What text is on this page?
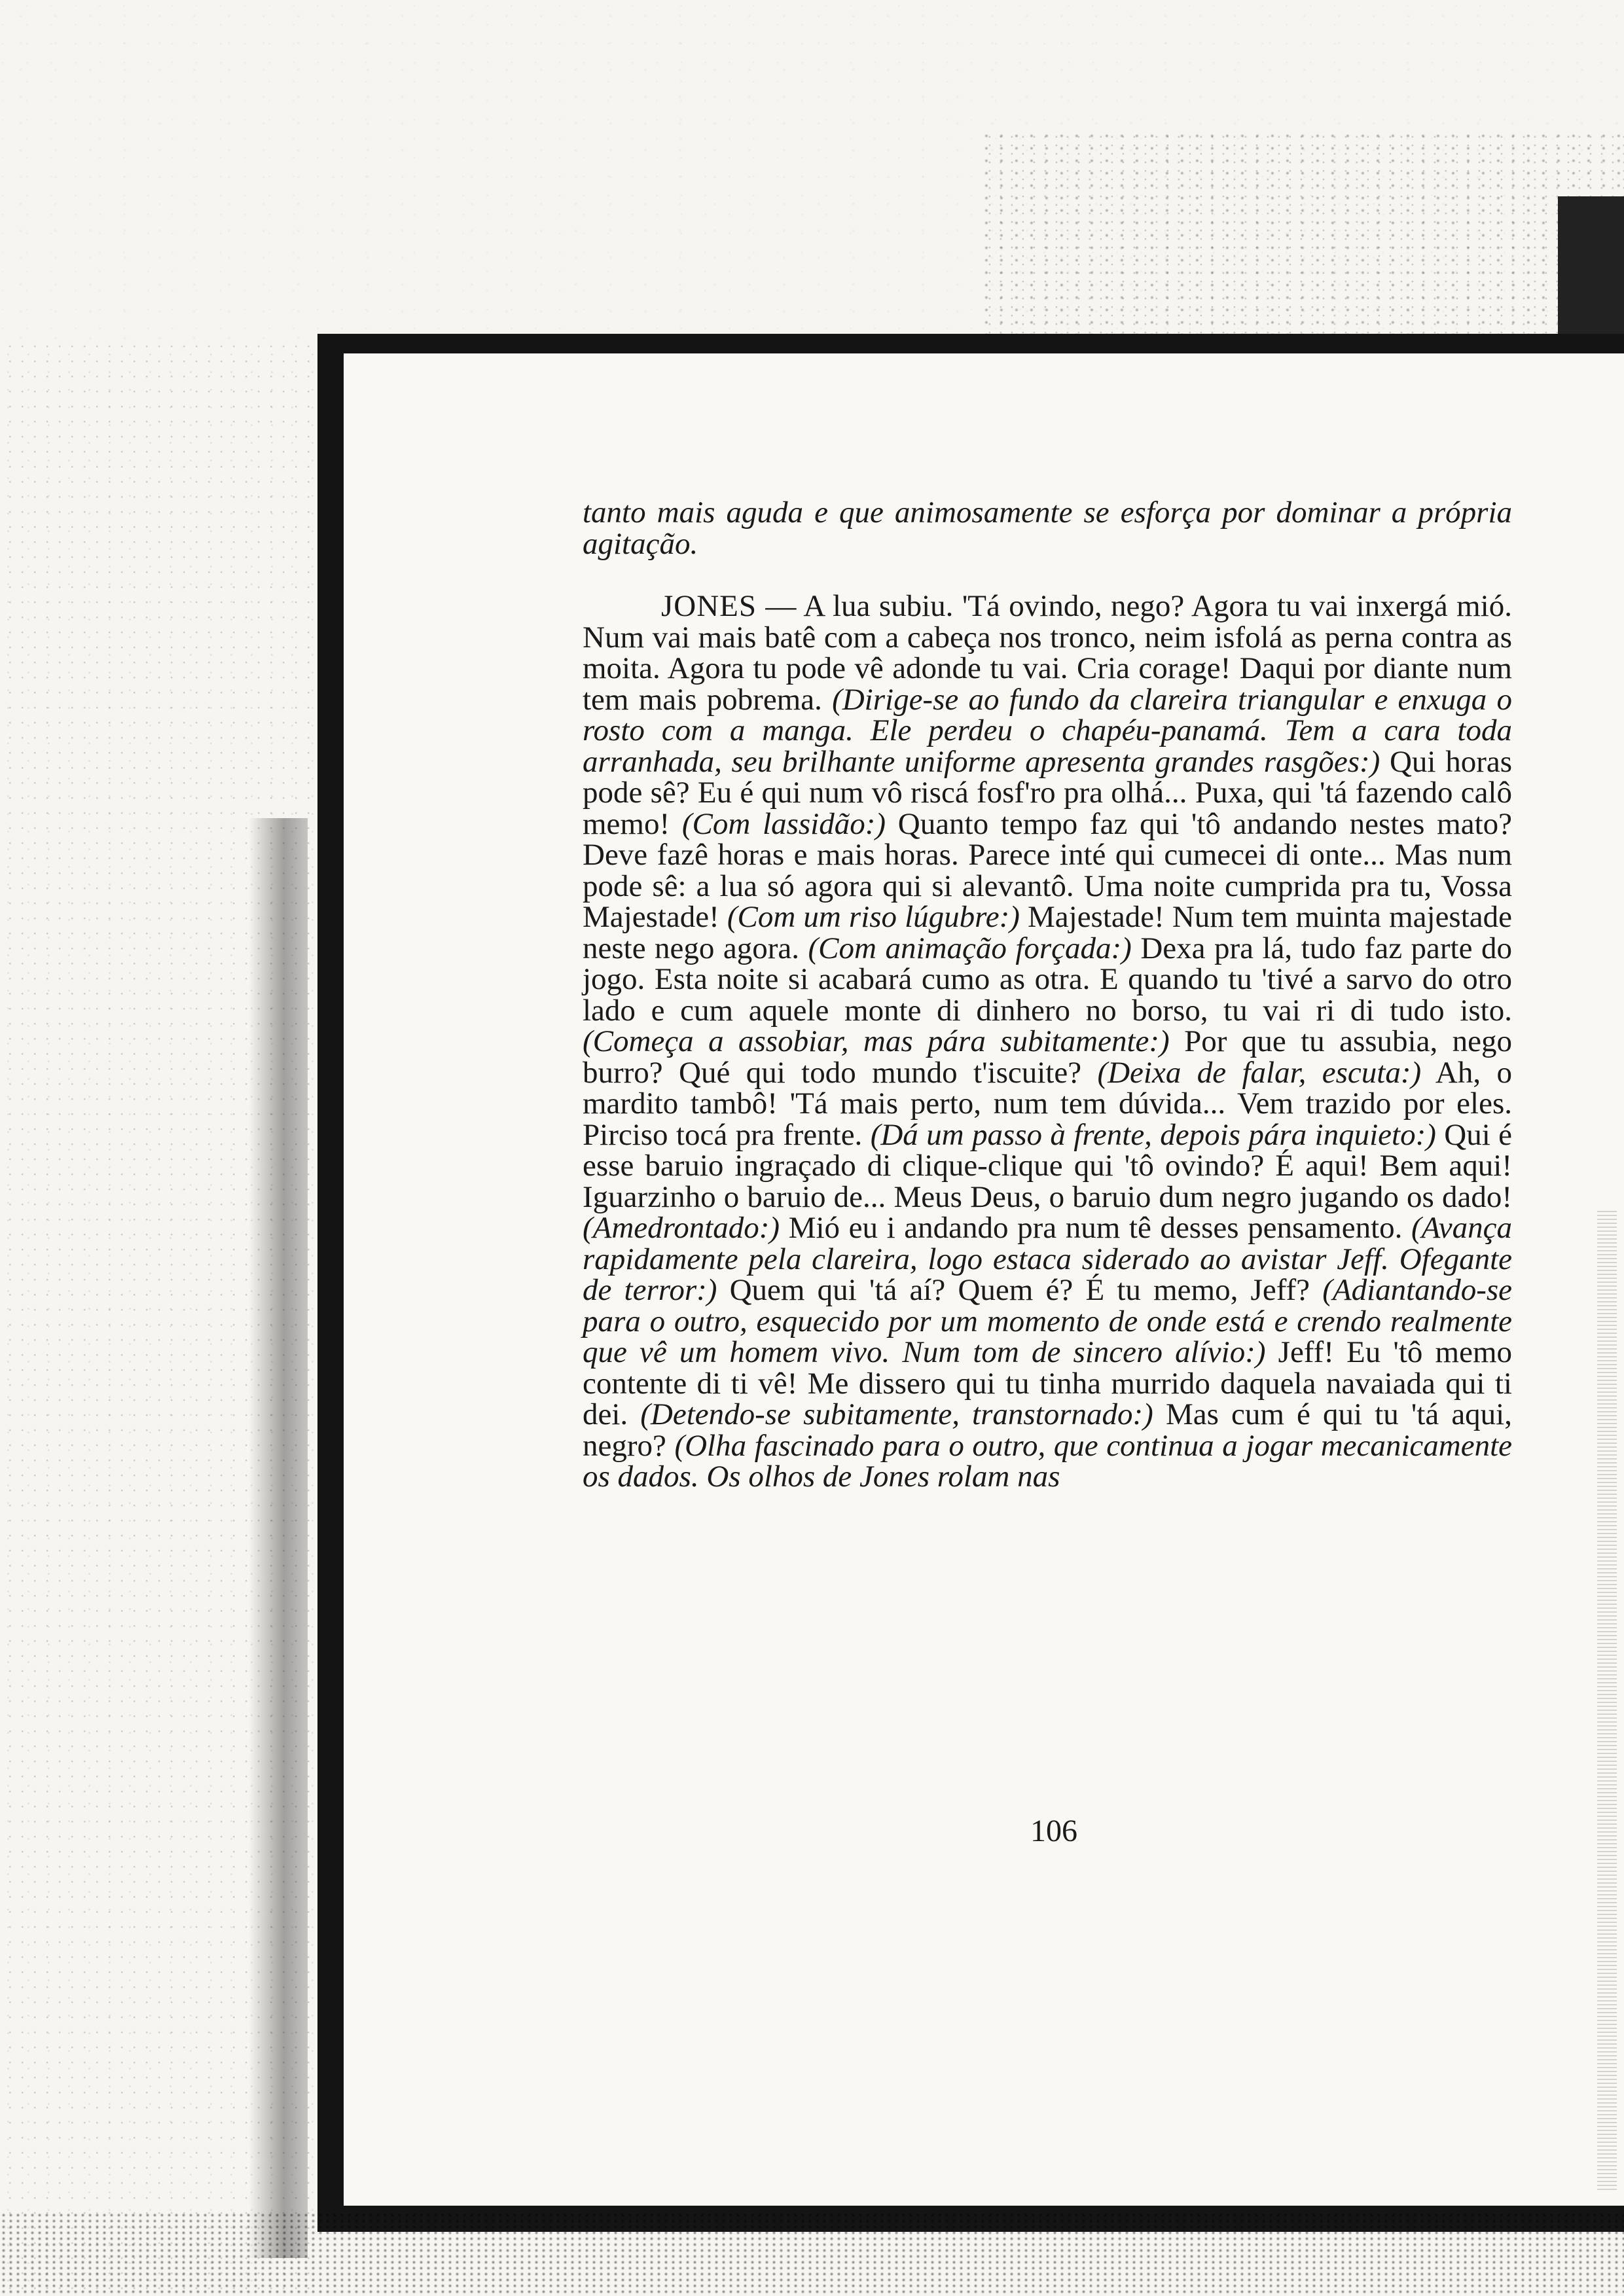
tanto mais aguda e que animosamente se esforça por dominar a própria agitação.

JONES — A lua subiu. 'Tá ovindo, nego? Agora tu vai inxergá mió. Num vai mais batê com a cabeça nos tronco, neim isfolá as perna contra as moita. Agora tu pode vê adonde tu vai. Cria corage! Daqui por diante num tem mais pobrema. (Dirige-se ao fundo da clareira triangular e enxuga o rosto com a manga. Ele perdeu o chapéu-panamá. Tem a cara toda arranhada, seu brilhante uniforme apresenta grandes rasgões:) Qui horas pode sê? Eu é qui num vô riscá fosf'ro pra olhá... Puxa, qui 'tá fazendo calô memo! (Com lassidão:) Quanto tempo faz qui 'tô andando nestes mato? Deve fazê horas e mais horas. Parece inté qui cumecei di onte... Mas num pode sê: a lua só agora qui si alevantô. Uma noite cumprida pra tu, Vossa Majestade! (Com um riso lúgubre:) Majestade! Num tem muinta majestade neste nego agora. (Com animação forçada:) Dexa pra lá, tudo faz parte do jogo. Esta noite si acabará cumo as otra. E quando tu 'tivé a sarvo do otro lado e cum aquele monte di dinhero no borso, tu vai ri di tudo isto. (Começa a assobiar, mas pára subitamente:) Por que tu assubia, nego burro? Qué qui todo mundo t'iscuite? (Deixa de falar, escuta:) Ah, o mardito tambô! 'Tá mais perto, num tem dúvida... Vem trazido por eles. Pirciso tocá pra frente. (Dá um passo à frente, depois pára inquieto:) Qui é esse baruio ingraçado di clique-clique qui 'tô ovindo? É aqui! Bem aqui! Iguarzinho o baruio de... Meus Deus, o baruio dum negro jugando os dado! (Amedrontado:) Mió eu i andando pra num tê desses pensamento. (Avança rapidamente pela clareira, logo estaca siderado ao avistar Jeff. Ofegante de terror:) Quem qui 'tá aí? Quem é? É tu memo, Jeff? (Adiantando-se para o outro, esquecido por um momento de onde está e crendo realmente que vê um homem vivo. Num tom de sincero alívio:) Jeff! Eu 'tô memo contente di ti vê! Me dissero qui tu tinha murrido daquela navaiada qui ti dei. (Detendo-se subitamente, transtornado:) Mas cum é qui tu 'tá aqui, negro? (Olha fascinado para o outro, que continua a jogar mecanicamente os dados. Os olhos de Jones rolam nas

106
